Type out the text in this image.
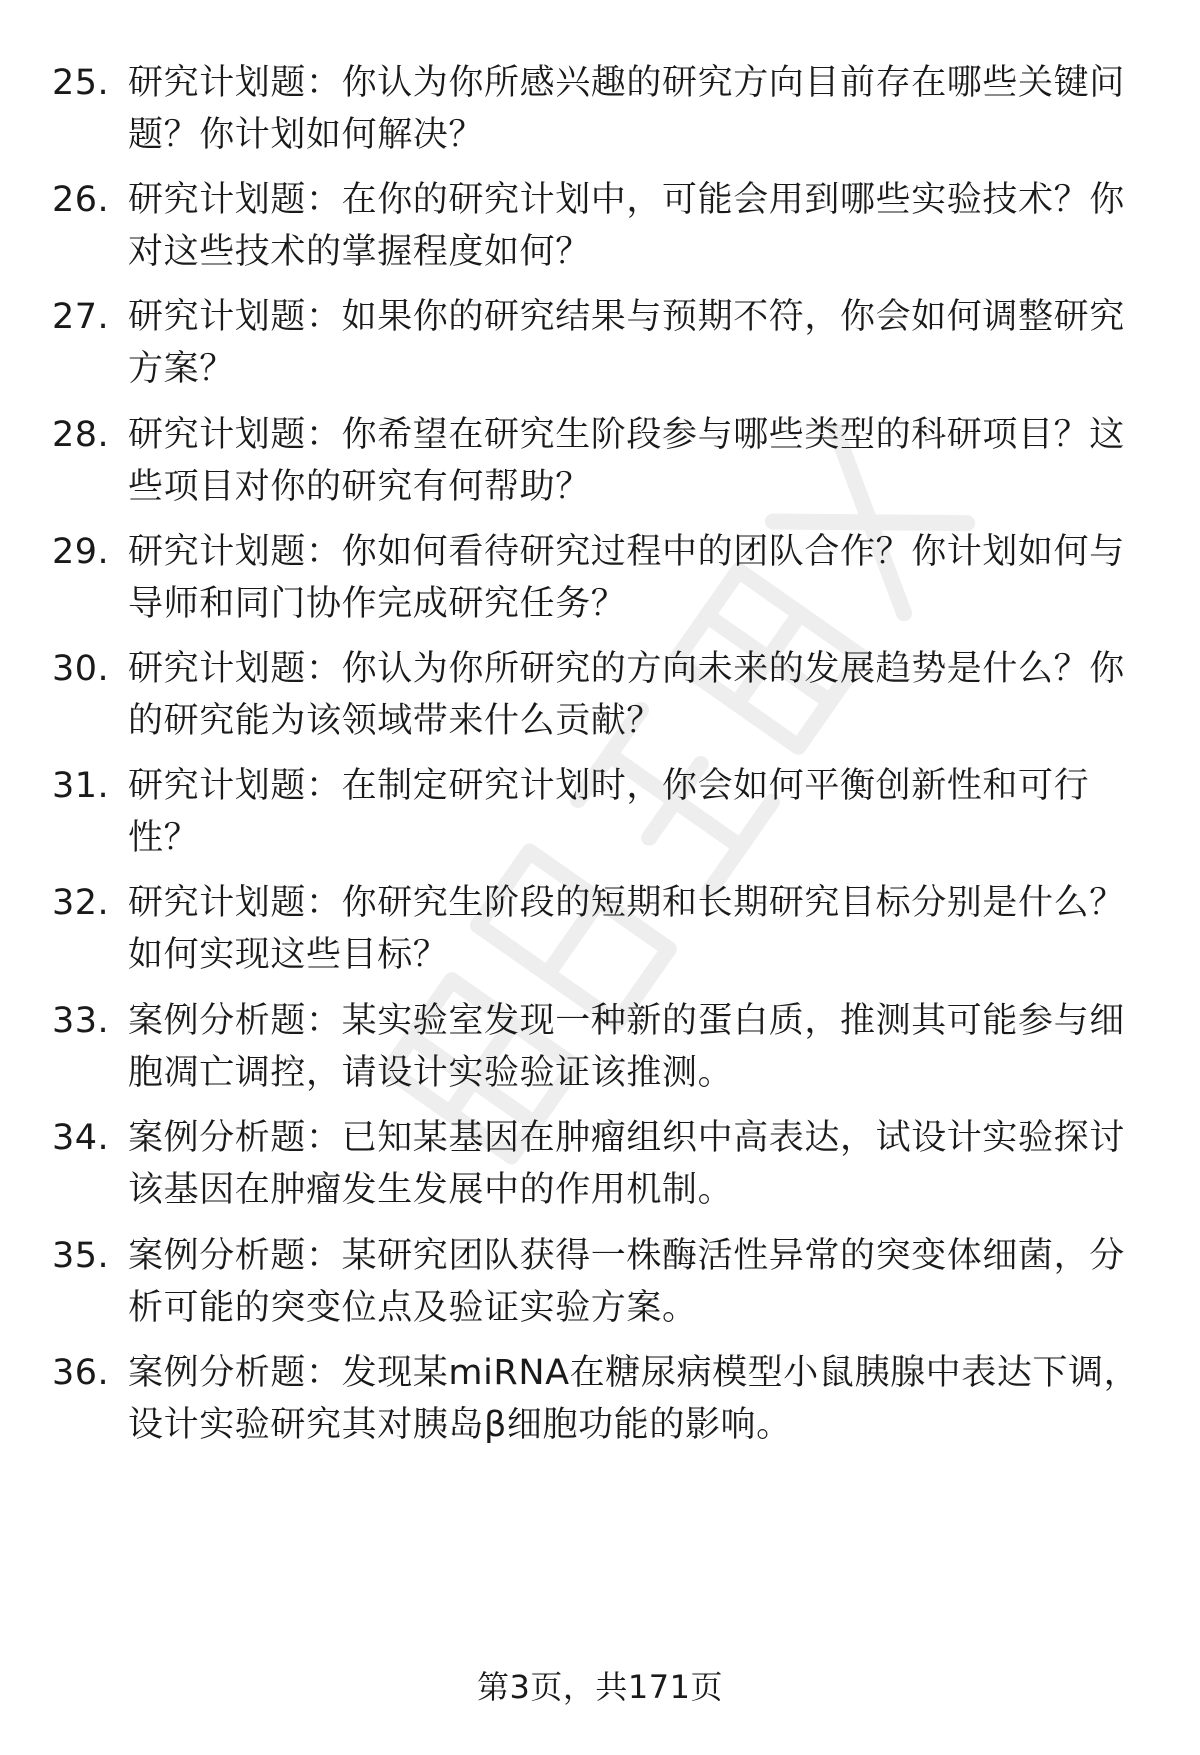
25. 研究计划题：你认为你所感兴趣的研究方向目前存在哪些关键问
题？你计划如何解决？
26. 研究计划题：在你的研究计划中，可能会用到哪些实验技术？你
对这些技术的掌握程度如何？
27. 研究计划题：如果你的研究结果与预期不符，你会如何调整研究
方案？
28. 研究计划题：你希望在研究生阶段参与哪些类型的科研项目？这
些项目对你的研究有何帮助？
29. 研究计划题：你如何看待研究过程中的团队合作？你计划如何与
导师和同门协作完成研究任务？
30. 研究计划题：你认为你所研究的方向未来的发展趋势是什么？你
的研究能为该领域带来什么贡献？
31. 研究计划题：在制定研究计划时，你会如何平衡创新性和可行
性？
32. 研究计划题：你研究生阶段的短期和长期研究目标分别是什么？
如何实现这些目标？
33. 案例分析题：某实验室发现一种新的蛋白质，推测其可能参与细
胞凋亡调控，请设计实验验证该推测。
34. 案例分析题：已知某基因在肿瘤组织中高表达，试设计实验探讨
该基因在肿瘤发生发展中的作用机制。
35. 案例分析题：某研究团队获得一株酶活性异常的突变体细菌，分
析可能的突变位点及验证实验方案。
36. 案例分析题：发现某miRNA在糖尿病模型小鼠胰腺中表达下调，
设计实验研究其对胰岛β细胞功能的影响。
第3页，共171页
